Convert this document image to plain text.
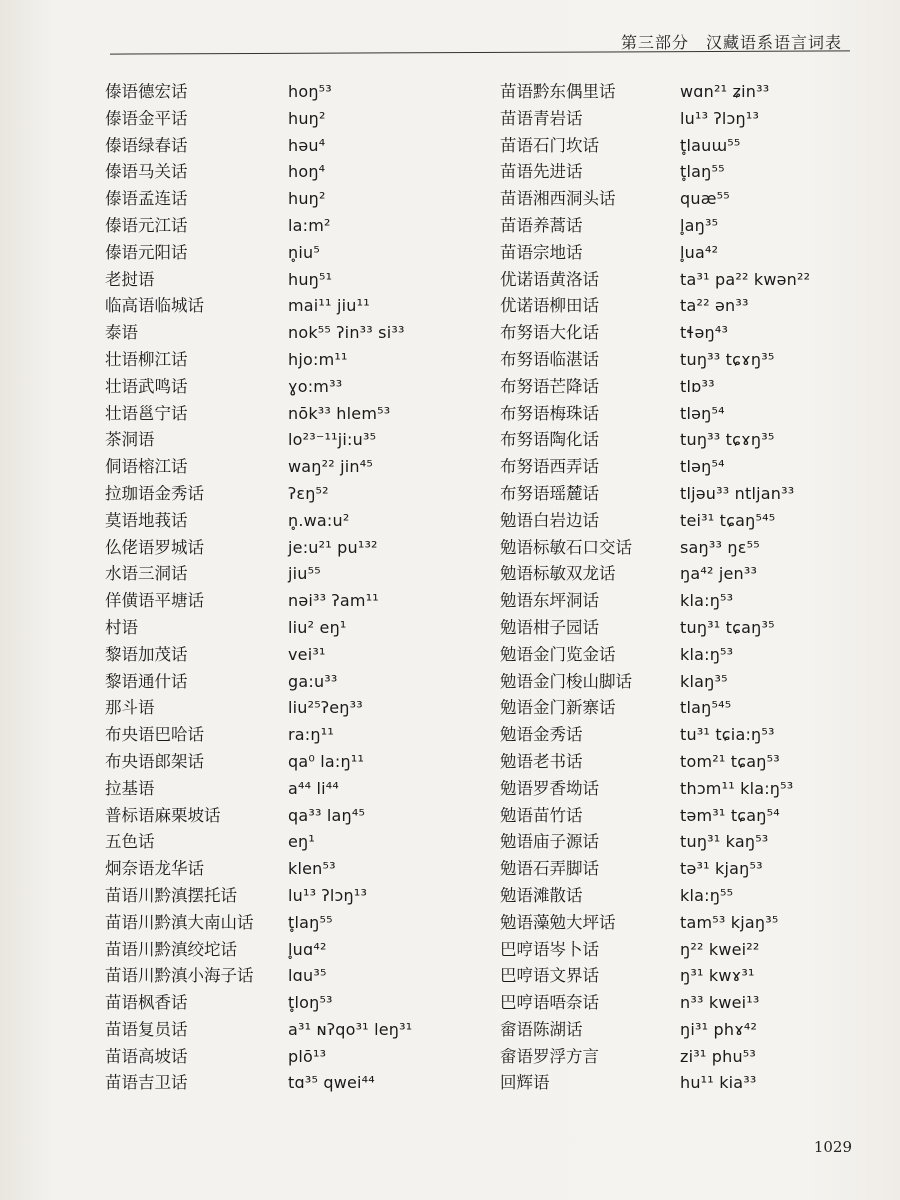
第三部分　汉藏语系语言词表
傣语德宏话	hoŋ⁵³
傣语金平话	huŋ²
傣语绿春话	həu⁴
傣语马关话	hoŋ⁴
傣语孟连话	huŋ²
傣语元江话	la:m²
傣语元阳话	n̥iu⁵
老挝语	huŋ⁵¹
临高语临城话	mai¹¹ jiu¹¹
泰语	nok⁵⁵ ʔin³³ si³³
壮语柳江话	hjo:m¹¹
壮语武鸣话	ɣo:m³³
壮语邕宁话	nōk³³ hlem⁵³
茶洞语	lo²³⁻¹¹ji:u³⁵
侗语榕江话	waŋ²² jin⁴⁵
拉珈语金秀话	ʔɛŋ⁵²
莫语地莪话	n̥.wa:u²
仫佬语罗城话	je:u²¹ pu¹³²
水语三洞话	jiu⁵⁵
佯僙语平塘话	nəi³³ ʔam¹¹
村语	liu² eŋ¹
黎语加茂话	vei³¹
黎语通什话	ga:u³³
那斗语	liu²⁵ʔeŋ³³
布央语巴哈话	ra:ŋ¹¹
布央语郎架话	qa⁰ la:ŋ¹¹
拉基语	a⁴⁴ li⁴⁴
普标语麻栗坡话	qa³³ laŋ⁴⁵
五色话	eŋ¹
炯奈语龙华话	klen⁵³
苗语川黔滇摆托话	lu¹³ ʔlɔŋ¹³
苗语川黔滇大南山话	t̥laŋ⁵⁵
苗语川黔滇绞坨话	l̥uɑ⁴²
苗语川黔滇小海子话	lɑu³⁵
苗语枫香话	t̥loŋ⁵³
苗语复员话	a³¹ ɴʔqo³¹ leŋ³¹
苗语高坡话	plō¹³
苗语吉卫话	tɑ³⁵ qwei⁴⁴
苗语黔东偶里话	wɑn²¹ ʑin³³
苗语青岩话	lu¹³ ʔlɔŋ¹³
苗语石门坎话	t̥lauɯ⁵⁵
苗语先进话	t̥laŋ⁵⁵
苗语湘西洞头话	quæ⁵⁵
苗语养蒿话	l̥aŋ³⁵
苗语宗地话	l̥ua⁴²
优诺语黄洛话	ta³¹ pa²² kwən²²
优诺语柳田话	ta²² ən³³
布努语大化话	tɬəŋ⁴³
布努语临湛话	tuŋ³³ tɕɤŋ³⁵
布努语芒降话	tlɒ³³
布努语梅珠话	tləŋ⁵⁴
布努语陶化话	tuŋ³³ tɕɤŋ³⁵
布努语西弄话	tləŋ⁵⁴
布努语瑶麓话	tljəu³³ ntljan³³
勉语白岩边话	tei³¹ tɕaŋ⁵⁴⁵
勉语标敏石口交话	saŋ³³ ŋɛ⁵⁵
勉语标敏双龙话	ŋa⁴² jen³³
勉语东坪洞话	kla:ŋ⁵³
勉语柑子园话	tuŋ³¹ tɕaŋ³⁵
勉语金门览金话	kla:ŋ⁵³
勉语金门梭山脚话	klaŋ³⁵
勉语金门新寨话	tlaŋ⁵⁴⁵
勉语金秀话	tu³¹ tɕia:ŋ⁵³
勉语老书话	tom²¹ tɕaŋ⁵³
勉语罗香坳话	thɔm¹¹ kla:ŋ⁵³
勉语苗竹话	təm³¹ tɕaŋ⁵⁴
勉语庙子源话	tuŋ³¹ kaŋ⁵³
勉语石弄脚话	tə³¹ kjaŋ⁵³
勉语滩散话	kla:ŋ⁵⁵
勉语藻勉大坪话	tam⁵³ kjaŋ³⁵
巴哼语岑卜话	ŋ²² kwei²²
巴哼语文界话	ŋ³¹ kwɤ³¹
巴哼语唔奈话	n³³ kwei¹³
畲语陈湖话	ŋi³¹ phɤ⁴²
畲语罗浮方言	zi³¹ phu⁵³
回辉语	hu¹¹ kia³³
1029
